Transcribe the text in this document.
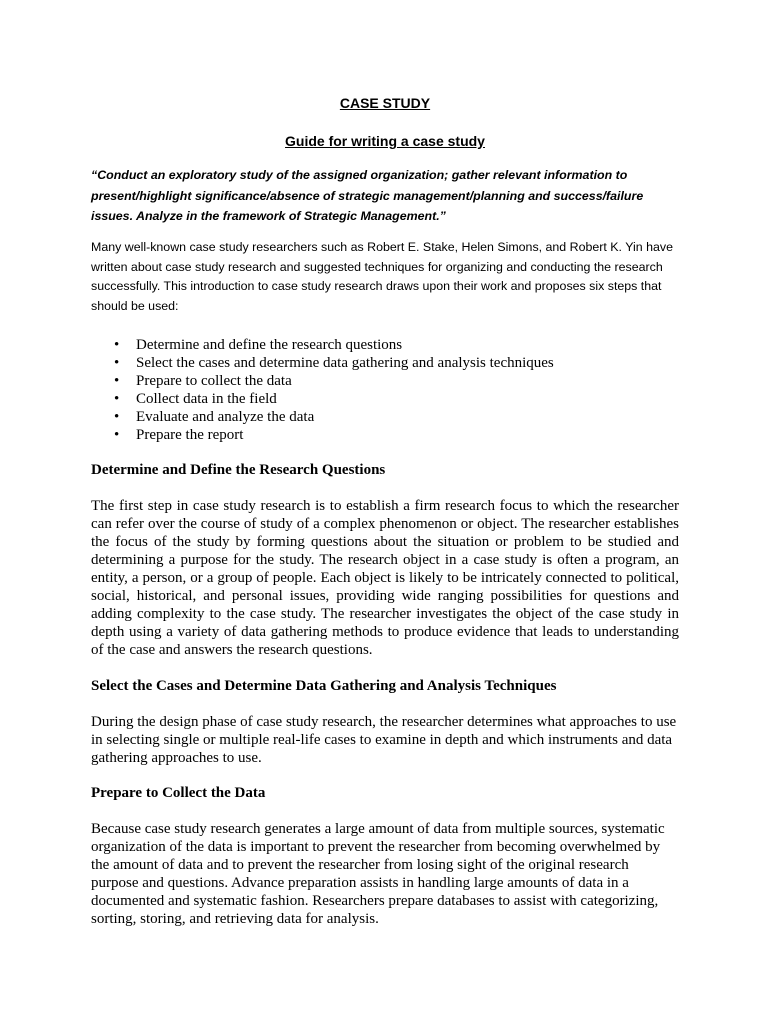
CASE STUDY
Guide for writing a case study
“Conduct an exploratory study of the assigned organization; gather relevant information to present/highlight significance/absence of strategic management/planning and success/failure issues. Analyze in the framework of Strategic Management.”
Many well-known case study researchers such as Robert E. Stake, Helen Simons, and Robert K. Yin have written about case study research and suggested techniques for organizing and conducting the research successfully. This introduction to case study research draws upon their work and proposes six steps that should be used:
• Determine and define the research questions
• Select the cases and determine data gathering and analysis techniques
• Prepare to collect the data
• Collect data in the field
• Evaluate and analyze the data
• Prepare the report
Determine and Define the Research Questions
The first step in case study research is to establish a firm research focus to which the researcher can refer over the course of study of a complex phenomenon or object. The researcher establishes the focus of the study by forming questions about the situation or problem to be studied and determining a purpose for the study. The research object in a case study is often a program, an entity, a person, or a group of people. Each object is likely to be intricately connected to political, social, historical, and personal issues, providing wide ranging possibilities for questions and adding complexity to the case study. The researcher investigates the object of the case study in depth using a variety of data gathering methods to produce evidence that leads to understanding of the case and answers the research questions.
Select the Cases and Determine Data Gathering and Analysis Techniques
During the design phase of case study research, the researcher determines what approaches to use in selecting single or multiple real-life cases to examine in depth and which instruments and data gathering approaches to use.
Prepare to Collect the Data
Because case study research generates a large amount of data from multiple sources, systematic organization of the data is important to prevent the researcher from becoming overwhelmed by the amount of data and to prevent the researcher from losing sight of the original research purpose and questions. Advance preparation assists in handling large amounts of data in a documented and systematic fashion. Researchers prepare databases to assist with categorizing, sorting, storing, and retrieving data for analysis.
